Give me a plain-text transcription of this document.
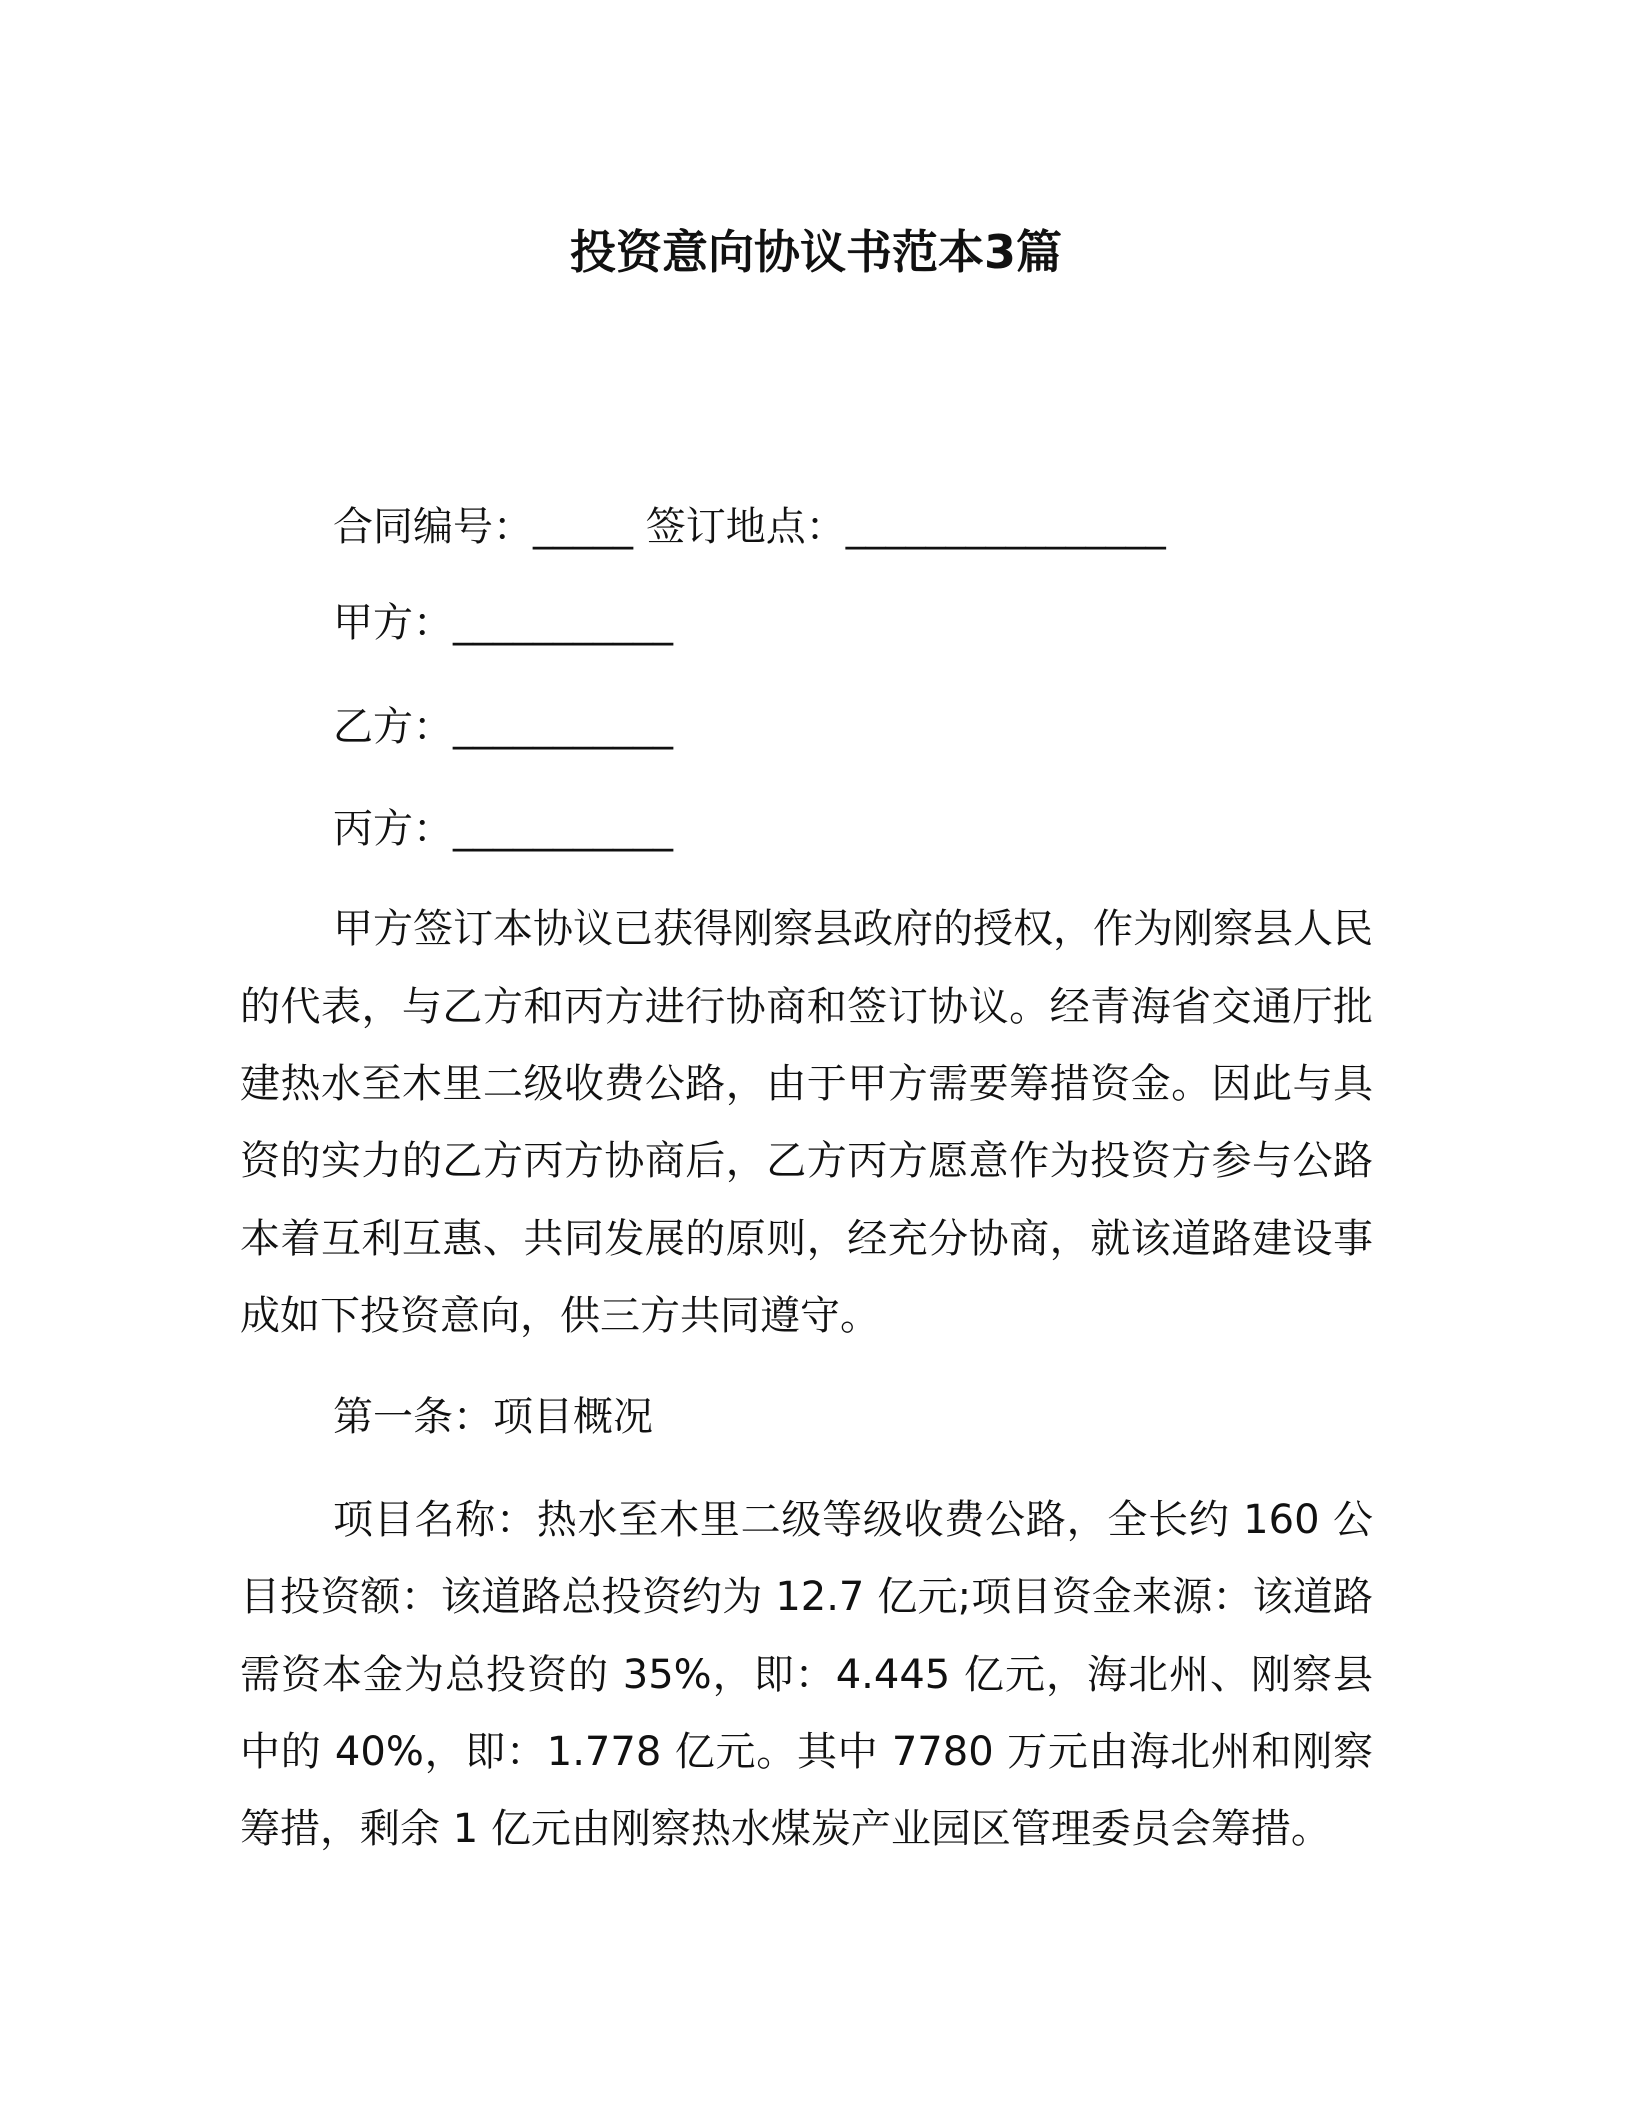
投资意向协议书范本3篇
合同编号：_____ 签订地点：________________
甲方：___________
乙方：___________
丙方：___________
甲方签订本协议已获得刚察县政府的授权，作为刚察县人民
的代表，与乙方和丙方进行协商和签订协议。经青海省交通厅批
建热水至木里二级收费公路，由于甲方需要筹措资金。因此与具
资的实力的乙方丙方协商后，乙方丙方愿意作为投资方参与公路
本着互利互惠、共同发展的原则，经充分协商，就该道路建设事
成如下投资意向，供三方共同遵守。
第一条：项目概况
项目名称：热水至木里二级等级收费公路，全长约 160 公
目投资额：该道路总投资约为 12.7 亿元;项目资金来源：该道路
需资本金为总投资的 35%，即：4.445 亿元，海北州、刚察县
中的 40%，即：1.778 亿元。其中 7780 万元由海北州和刚察
筹措，剩余 1 亿元由刚察热水煤炭产业园区管理委员会筹措。
